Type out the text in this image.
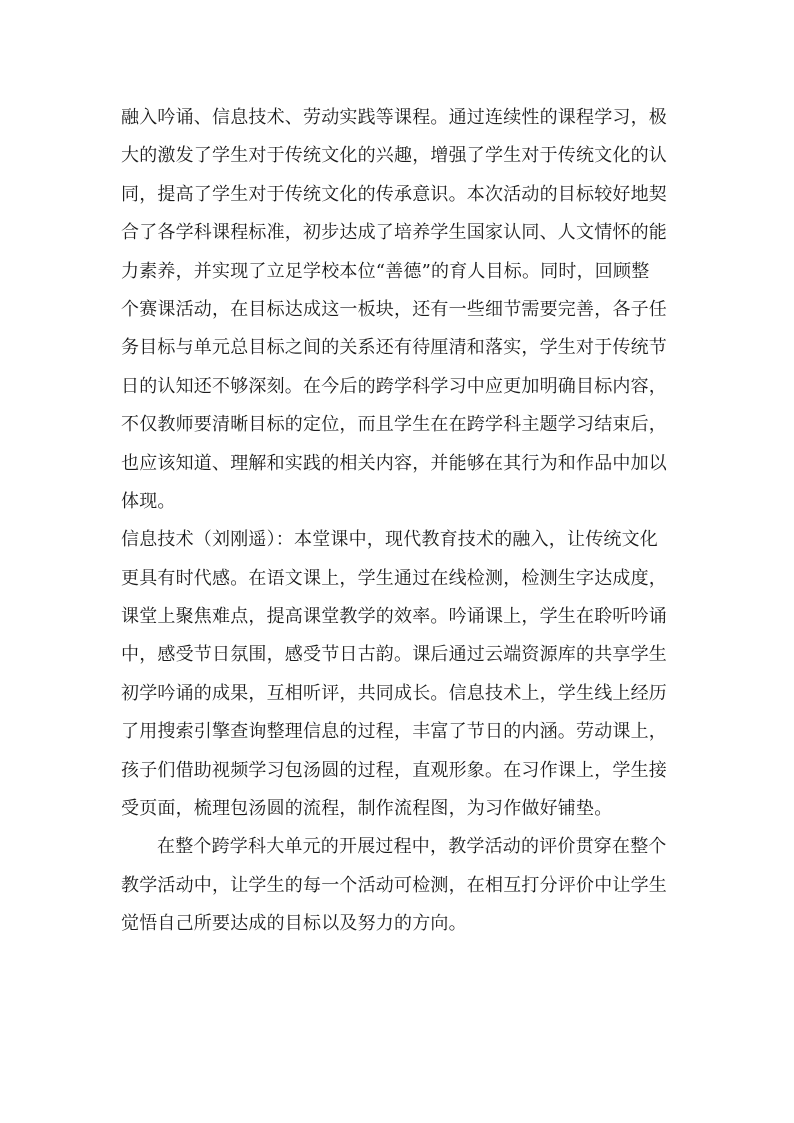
融入吟诵、信息技术、劳动实践等课程。通过连续性的课程学习，极
大的激发了学生对于传统文化的兴趣，增强了学生对于传统文化的认
同，提高了学生对于传统文化的传承意识。本次活动的目标较好地契
合了各学科课程标准，初步达成了培养学生国家认同、人文情怀的能
力素养，并实现了立足学校本位“善德”的育人目标。同时，回顾整
个赛课活动，在目标达成这一板块，还有一些细节需要完善，各子任
务目标与单元总目标之间的关系还有待厘清和落实，学生对于传统节
日的认知还不够深刻。在今后的跨学科学习中应更加明确目标内容，
不仅教师要清晰目标的定位，而且学生在在跨学科主题学习结束后，
也应该知道、理解和实践的相关内容，并能够在其行为和作品中加以
体现。
信息技术（刘刚遥）：本堂课中，现代教育技术的融入，让传统文化
更具有时代感。在语文课上，学生通过在线检测，检测生字达成度，
课堂上聚焦难点，提高课堂教学的效率。吟诵课上，学生在聆听吟诵
中，感受节日氛围，感受节日古韵。课后通过云端资源库的共享学生
初学吟诵的成果，互相听评，共同成长。信息技术上，学生线上经历
了用搜索引擎查询整理信息的过程，丰富了节日的内涵。劳动课上，
孩子们借助视频学习包汤圆的过程，直观形象。在习作课上，学生接
受页面，梳理包汤圆的流程，制作流程图，为习作做好铺垫。
在整个跨学科大单元的开展过程中，教学活动的评价贯穿在整个
教学活动中，让学生的每一个活动可检测，在相互打分评价中让学生
觉悟自己所要达成的目标以及努力的方向。
